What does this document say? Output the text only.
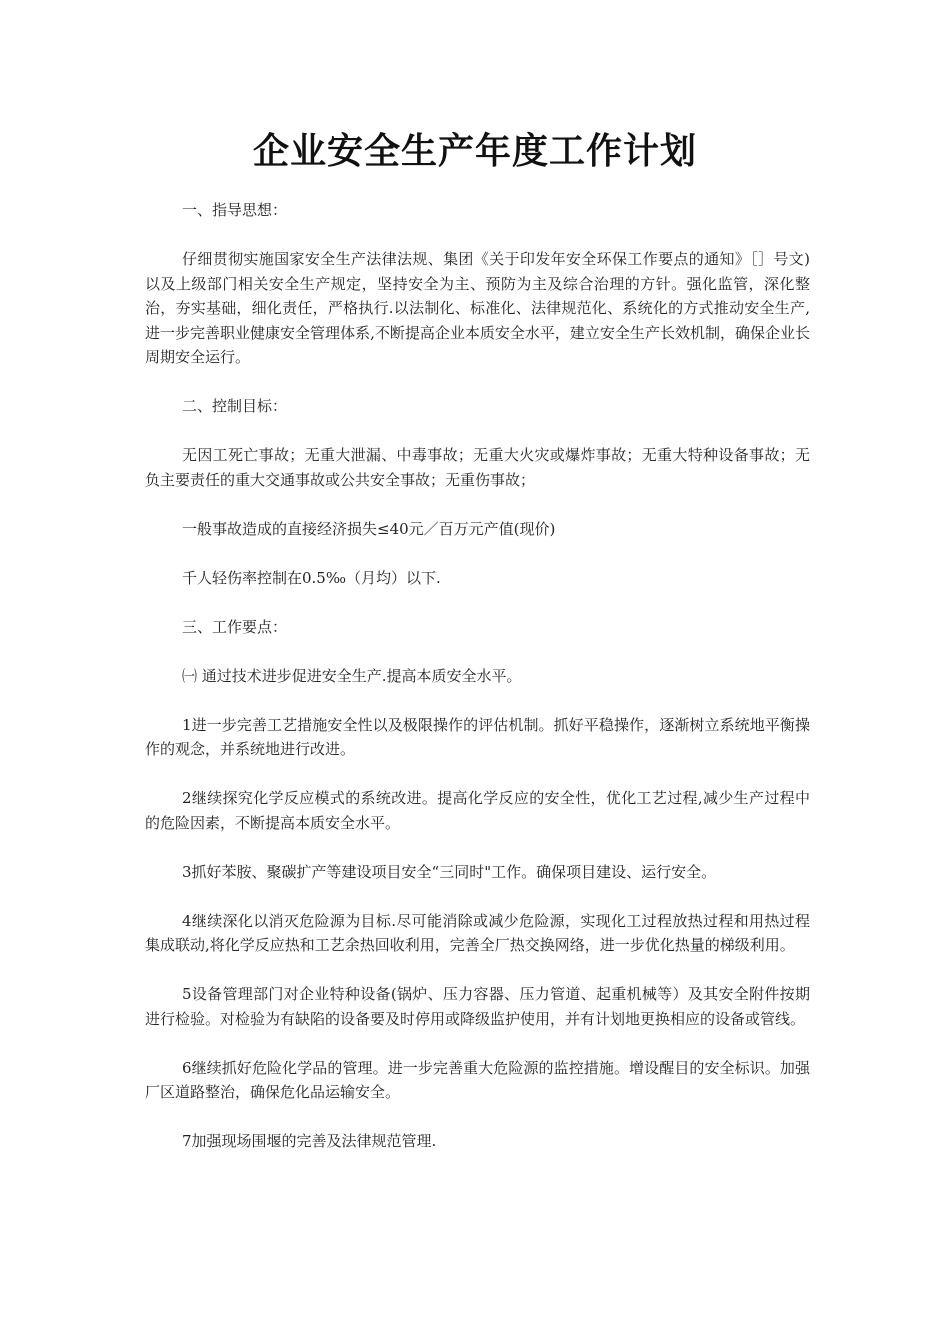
企业安全生产年度工作计划

一、指导思想：

仔细贯彻实施国家安全生产法律法规、集团《关于印发年安全环保工作要点的通知》［］号文)以及上级部门相关安全生产规定，坚持安全为主、预防为主及综合治理的方针。强化监管，深化整治，夯实基础，细化责任，严格执行.以法制化、标准化、法律规范化、系统化的方式推动安全生产,进一步完善职业健康安全管理体系,不断提高企业本质安全水平，建立安全生产长效机制，确保企业长周期安全运行。

二、控制目标：

无因工死亡事故；无重大泄漏、中毒事故；无重大火灾或爆炸事故；无重大特种设备事故；无负主要责任的重大交通事故或公共安全事故；无重伤事故；

一般事故造成的直接经济损失≤40元／百万元产值(现价)

千人轻伤率控制在0.5‰（月均）以下.

三、工作要点：

㈠ 通过技术进步促进安全生产.提高本质安全水平。

1进一步完善工艺措施安全性以及极限操作的评估机制。抓好平稳操作，逐渐树立系统地平衡操作的观念，并系统地进行改进。

2继续探究化学反应模式的系统改进。提高化学反应的安全性，优化工艺过程,减少生产过程中的危险因素，不断提高本质安全水平。

3抓好苯胺、聚碳扩产等建设项目安全“三同时"工作。确保项目建设、运行安全。

4继续深化以消灭危险源为目标.尽可能消除或减少危险源，实现化工过程放热过程和用热过程集成联动,将化学反应热和工艺余热回收利用，完善全厂热交换网络，进一步优化热量的梯级利用。

5设备管理部门对企业特种设备(锅炉、压力容器、压力管道、起重机械等）及其安全附件按期进行检验。对检验为有缺陷的设备要及时停用或降级监护使用，并有计划地更换相应的设备或管线。

6继续抓好危险化学品的管理。进一步完善重大危险源的监控措施。增设醒目的安全标识。加强厂区道路整治，确保危化品运输安全。

7加强现场围堰的完善及法律规范管理.
